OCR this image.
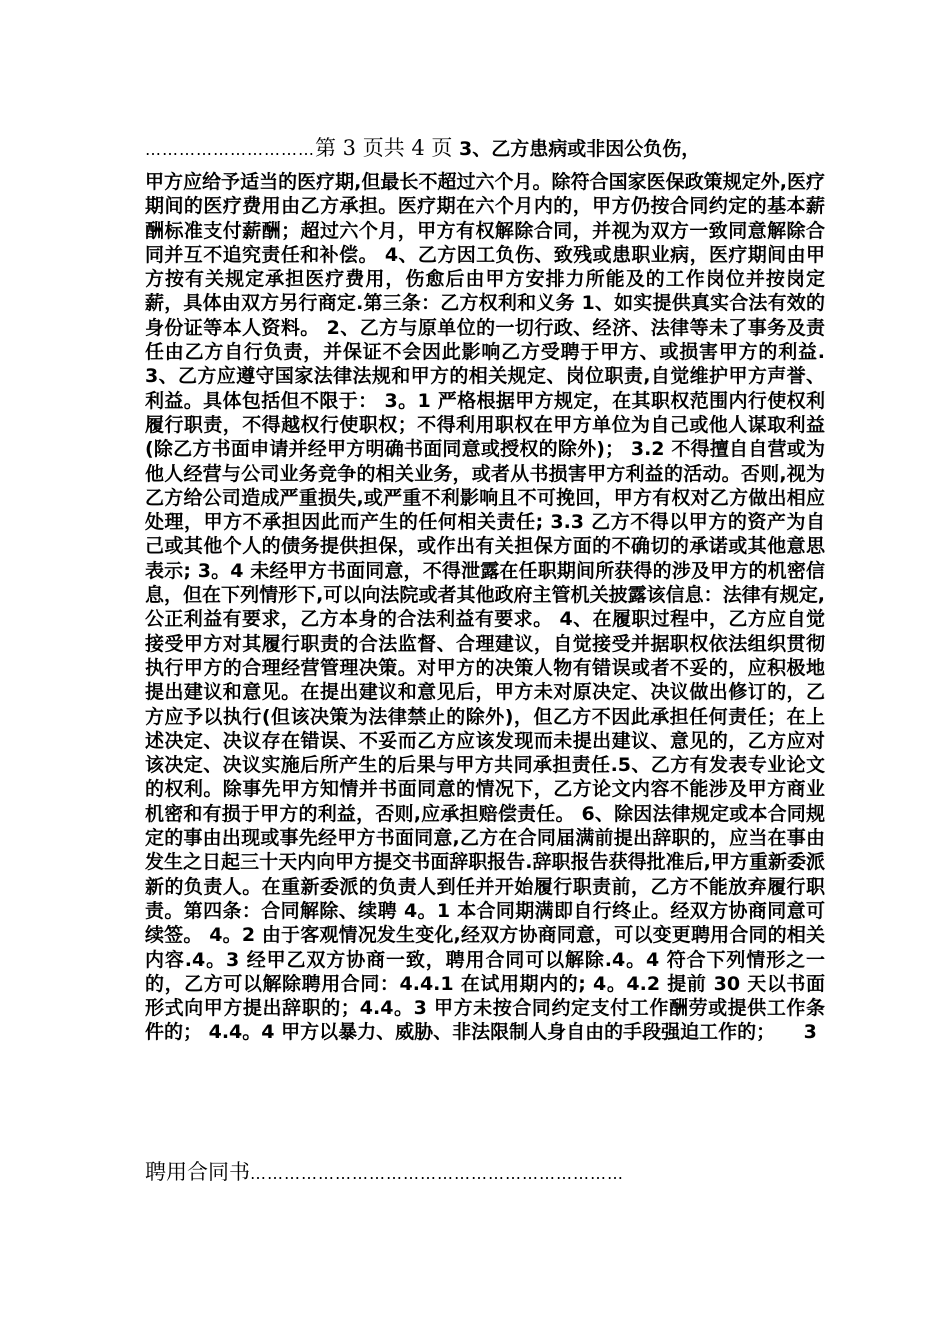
…………………………第 3 页共 4 页 3、乙方患病或非因公负伤，
甲方应给予适当的医疗期,但最长不超过六个月。除符合国家医保政策规定外,医疗期间的医疗费用由乙方承担。医疗期在六个月内的，甲方仍按合同约定的基本薪酬标准支付薪酬；超过六个月，甲方有权解除合同，并视为双方一致同意解除合同并互不追究责任和补偿。 4、乙方因工负伤、致残或患职业病，医疗期间由甲方按有关规定承担医疗费用，伤愈后由甲方安排力所能及的工作岗位并按岗定薪，具体由双方另行商定.第三条：乙方权利和义务 1、如实提供真实合法有效的身份证等本人资料。 2、乙方与原单位的一切行政、经济、法律等未了事务及责任由乙方自行负责，并保证不会因此影响乙方受聘于甲方、或损害甲方的利益.3、乙方应遵守国家法律法规和甲方的相关规定、岗位职责,自觉维护甲方声誉、利益。具体包括但不限于： 3。1 严格根据甲方规定，在其职权范围内行使权利履行职责，不得越权行使职权；不得利用职权在甲方单位为自己或他人谋取利益(除乙方书面申请并经甲方明确书面同意或授权的除外)； 3.2 不得擅自自营或为他人经营与公司业务竞争的相关业务，或者从书损害甲方利益的活动。否则,视为乙方给公司造成严重损失,或严重不利影响且不可挽回，甲方有权对乙方做出相应处理，甲方不承担因此而产生的任何相关责任; 3.3 乙方不得以甲方的资产为自己或其他个人的债务提供担保，或作出有关担保方面的不确切的承诺或其他意思表示; 3。4 未经甲方书面同意，不得泄露在任职期间所获得的涉及甲方的机密信息，但在下列情形下,可以向法院或者其他政府主管机关披露该信息：法律有规定,公正利益有要求，乙方本身的合法利益有要求。 4、在履职过程中，乙方应自觉接受甲方对其履行职责的合法监督、合理建议，自觉接受并据职权依法组织贯彻执行甲方的合理经营管理决策。对甲方的决策人物有错误或者不妥的，应积极地提出建议和意见。在提出建议和意见后，甲方未对原决定、决议做出修订的，乙方应予以执行(但该决策为法律禁止的除外)，但乙方不因此承担任何责任；在上述决定、决议存在错误、不妥而乙方应该发现而未提出建议、意见的，乙方应对该决定、决议实施后所产生的后果与甲方共同承担责任.5、乙方有发表专业论文的权利。除事先甲方知情并书面同意的情况下，乙方论文内容不能涉及甲方商业机密和有损于甲方的利益，否则,应承担赔偿责任。 6、除因法律规定或本合同规定的事由出现或事先经甲方书面同意,乙方在合同届满前提出辞职的，应当在事由发生之日起三十天内向甲方提交书面辞职报告.辞职报告获得批准后,甲方重新委派新的负责人。在重新委派的负责人到任并开始履行职责前，乙方不能放弃履行职责。第四条：合同解除、续聘 4。1 本合同期满即自行终止。经双方协商同意可续签。 4。2 由于客观情况发生变化,经双方协商同意，可以变更聘用合同的相关内容.4。3 经甲乙双方协商一致，聘用合同可以解除.4。4 符合下列情形之一的，乙方可以解除聘用合同：4.4.1 在试用期内的; 4。4.2 提前 30 天以书面形式向甲方提出辞职的；4.4。3 甲方未按合同约定支付工作酬劳或提供工作条件的； 4.4。4 甲方以暴力、威胁、非法限制人身自由的手段强迫工作的；　　3
聘用合同书…………………………………………………………
